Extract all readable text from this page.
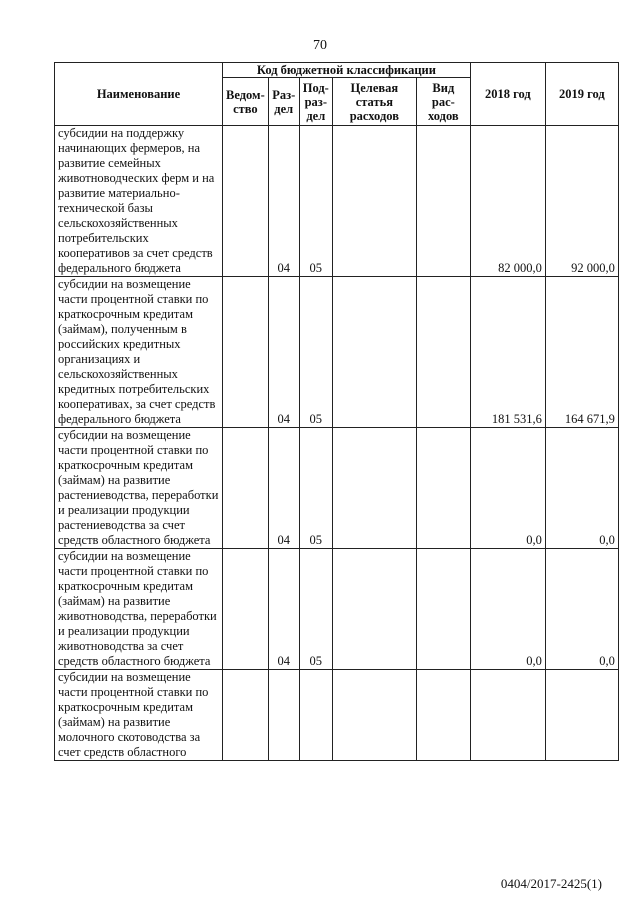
70
Наименование	Код бюджетной классификации					2018 год	2019 год
	Ведом-ство	Раз-дел	Под-раз-дел	Целевая статья расходов	Вид рас-ходов		
субсидии на поддержку начинающих фермеров, на развитие семейных животноводческих ферм и на развитие материально-технической базы сельскохозяйственных потребительских кооперативов за счет средств федерального бюджета		04	05			82 000,0	92 000,0
субсидии на возмещение части процентной ставки по краткосрочным кредитам (займам), полученным в российских кредитных организациях и сельскохозяйственных кредитных потребительских кооперативах, за счет средств федерального бюджета		04	05			181 531,6	164 671,9
субсидии на возмещение части процентной ставки по краткосрочным кредитам (займам) на развитие растениеводства, переработки и реализации продукции растениеводства за счет средств областного бюджета		04	05			0,0	0,0
субсидии на возмещение части процентной ставки по краткосрочным кредитам (займам) на развитие животноводства, переработки и реализации продукции животноводства за счет средств областного бюджета		04	05			0,0	0,0
субсидии на возмещение части процентной ставки по краткосрочным кредитам (займам) на развитие молочного скотоводства за счет средств областного							
0404/2017-2425(1)
